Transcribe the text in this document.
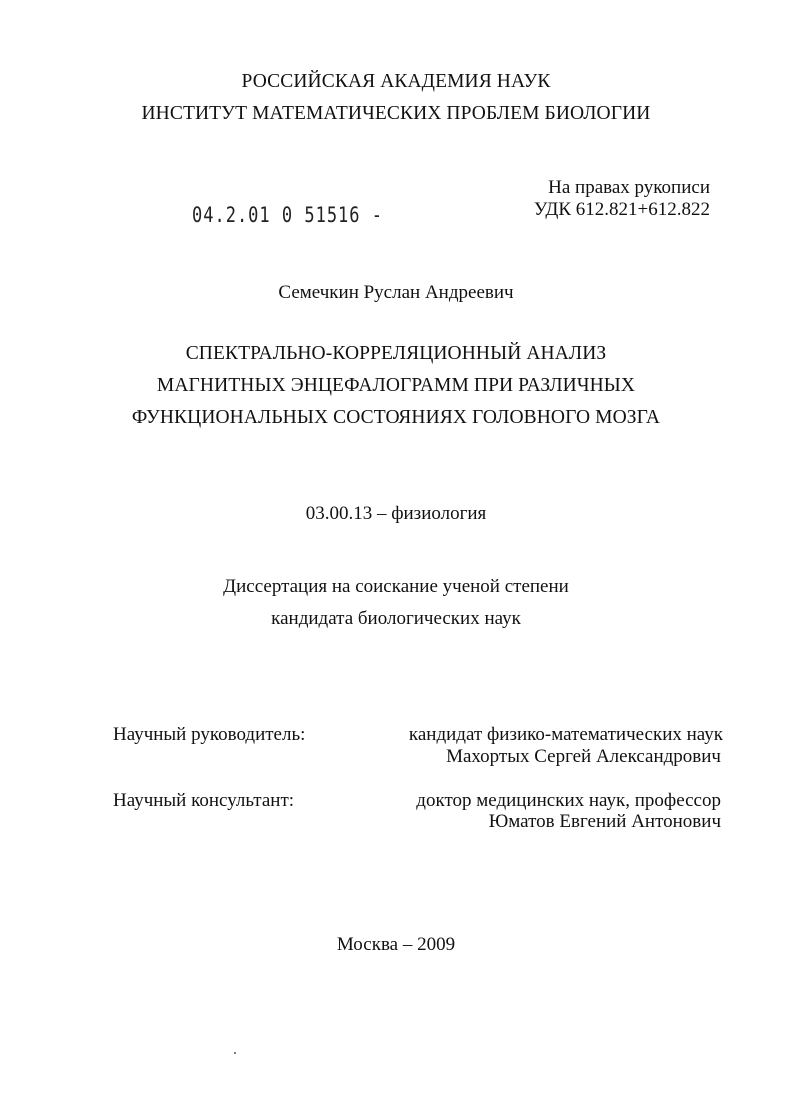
РОССИЙСКАЯ АКАДЕМИЯ НАУК
ИНСТИТУТ МАТЕМАТИЧЕСКИХ ПРОБЛЕМ БИОЛОГИИ
04.2.01 0 51516 -
На правах рукописи
УДК 612.821+612.822
Семечкин Руслан Андреевич
СПЕКТРАЛЬНО-КОРРЕЛЯЦИОННЫЙ АНАЛИЗ
МАГНИТНЫХ ЭНЦЕФАЛОГРАММ ПРИ РАЗЛИЧНЫХ
ФУНКЦИОНАЛЬНЫХ СОСТОЯНИЯХ ГОЛОВНОГО МОЗГА
03.00.13 – физиология
Диссертация на соискание ученой степени
кандидата биологических наук
Научный руководитель:	кандидат физико-математических наук
Махортых Сергей Александрович
Научный консультант:	доктор медицинских наук, профессор
Юматов Евгений Антонович
Москва – 2009
